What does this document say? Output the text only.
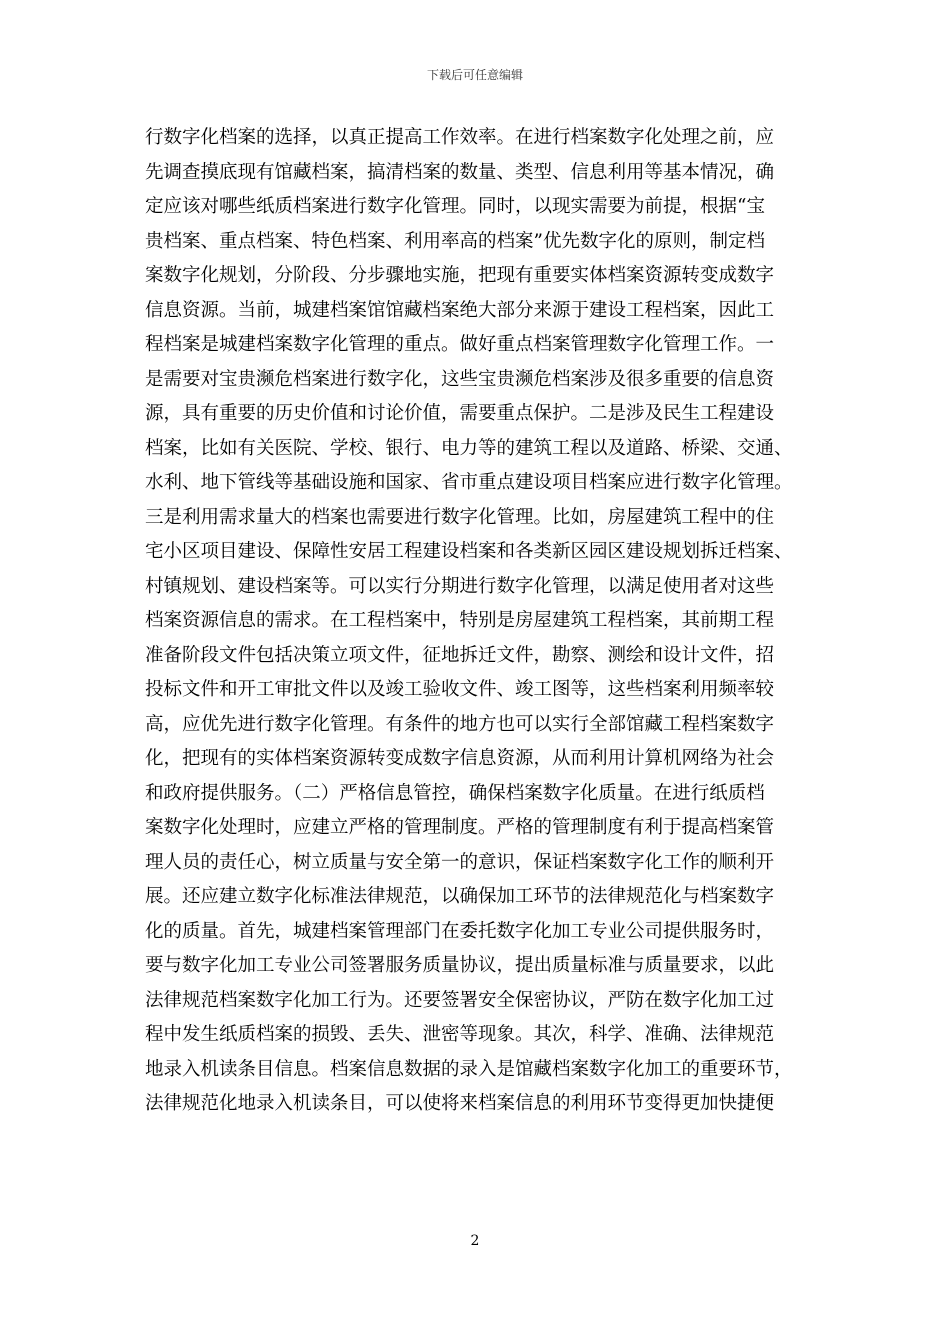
下载后可任意编辑
行数字化档案的选择，以真正提高工作效率。在进行档案数字化处理之前，应
先调查摸底现有馆藏档案，搞清档案的数量、类型、信息利用等基本情况，确
定应该对哪些纸质档案进行数字化管理。同时，以现实需要为前提，根据“宝
贵档案、重点档案、特色档案、利用率高的档案”优先数字化的原则，制定档
案数字化规划，分阶段、分步骤地实施，把现有重要实体档案资源转变成数字
信息资源。当前，城建档案馆馆藏档案绝大部分来源于建设工程档案，因此工
程档案是城建档案数字化管理的重点。做好重点档案管理数字化管理工作。一
是需要对宝贵濒危档案进行数字化，这些宝贵濒危档案涉及很多重要的信息资
源，具有重要的历史价值和讨论价值，需要重点保护。二是涉及民生工程建设
档案，比如有关医院、学校、银行、电力等的建筑工程以及道路、桥梁、交通、
水利、地下管线等基础设施和国家、省市重点建设项目档案应进行数字化管理。
三是利用需求量大的档案也需要进行数字化管理。比如，房屋建筑工程中的住
宅小区项目建设、保障性安居工程建设档案和各类新区园区建设规划拆迁档案、
村镇规划、建设档案等。可以实行分期进行数字化管理，以满足使用者对这些
档案资源信息的需求。在工程档案中，特别是房屋建筑工程档案，其前期工程
准备阶段文件包括决策立项文件，征地拆迁文件，勘察、测绘和设计文件，招
投标文件和开工审批文件以及竣工验收文件、竣工图等，这些档案利用频率较
高，应优先进行数字化管理。有条件的地方也可以实行全部馆藏工程档案数字
化，把现有的实体档案资源转变成数字信息资源，从而利用计算机网络为社会
和政府提供服务。（二）严格信息管控，确保档案数字化质量。在进行纸质档
案数字化处理时，应建立严格的管理制度。严格的管理制度有利于提高档案管
理人员的责任心，树立质量与安全第一的意识，保证档案数字化工作的顺利开
展。还应建立数字化标准法律规范，以确保加工环节的法律规范化与档案数字
化的质量。首先，城建档案管理部门在委托数字化加工专业公司提供服务时，
要与数字化加工专业公司签署服务质量协议，提出质量标准与质量要求，以此
法律规范档案数字化加工行为。还要签署安全保密协议，严防在数字化加工过
程中发生纸质档案的损毁、丢失、泄密等现象。其次，科学、准确、法律规范
地录入机读条目信息。档案信息数据的录入是馆藏档案数字化加工的重要环节，
法律规范化地录入机读条目，可以使将来档案信息的利用环节变得更加快捷便
2
